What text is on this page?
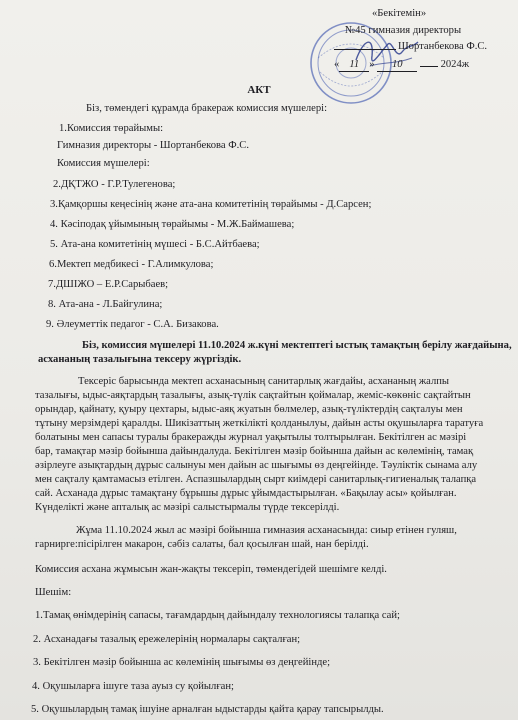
«Бекітемін»
№45 гимназия директоры
Шортанбекова Ф.С.
« 11 » 10	2024ж
АКТ
Біз, төмендегі құрамда бракераж комиссия мүшелері:
1.Комиссия төрайымы:
Гимназия директоры - Шортанбекова Ф.С.
Комиссия мүшелері:
2.ДҚТЖО - Г.Р.Тулегенова;
3.Қамқоршы кеңесінің және ата-ана комитетінің төрайымы - Д.Сарсен;
4. Кәсіподақ ұйымының төрайымы - М.Ж.Баймашева;
5. Ата-ана комитетінің мүшесі - Б.С.Айтбаева;
6.Мектеп медбикесі - Г.Алимкулова;
7.ДШІЖО – Е.Р.Сарыбаев;
8. Ата-ана - Л.Байгулина;
9. Әлеуметтік педагог - С.А. Бизакова.
Біз, комиссия мүшелері 11.10.2024 ж.күні мектептегі ыстық тамақтың берілу жағдайына,
асхананың тазалығына тексеру жүргіздік.
Тексеріс барысында мектеп асханасының санитарлық жағдайы, асхананың жалпы
тазалығы, ыдыс-аяқтардың тазалығы, азық-түлік сақтайтын қоймалар, жеміс-көкөніс сақтайтын
орындар, қайнату, қуыру цехтары, ыдыс-аяқ жуатын бөлмелер, азық-түліктердің сақталуы мен
тұтыну мерзімдері қаралды. Шикізаттың жеткілікті қолданылуы, дайын асты оқушыларға таратуға
болатыны мен сапасы туралы бракеражды журнал уақытылы толтырылған. Бекітілген ас мәзірі
бар, тамақтар мәзір бойынша дайындалуда. Бекітілген мәзір бойынша дайын ас көлемінің, тамақ
әзірлеуге азықтардың дұрыс салынуы мен дайын ас шығымы өз деңгейінде. Тәуліктік сынама алу
мен сақталу қамтамасыз етілген. Аспазшылардың сырт киімдері санитарлық-гигиеналық талапқа
сай. Асханада дұрыс тамақтану бұрышы дұрыс ұйымдастырылған. «Бақылау асы» қойылған.
Күнделікті және апталық ас мәзірі салыстырмалы түрде тексерілді.
Жұма 11.10.2024 жыл ас мәзірі бойынша гимназия асханасында: сиыр етінен гуляш,
гарнирге:пісірілген макарон, сәбіз салаты, бал қосылған шай, нан берілді.
Комиссия асхана жұмысын жан-жақты тексеріп, төмендегідей шешімге келді.
Шешім:
1.Тамақ өнімдерінің сапасы, тағамдардың дайындалу технологиясы талапқа сай;
2. Асханадағы тазалық ережелерінің нормалары сақталған;
3. Бекітілген мәзір бойынша ас көлемінің шығымы өз деңгейінде;
4. Оқушыларға ішуге таза ауыз су қойылған;
5. Оқушылардың тамақ ішуіне арналған ыдыстарды қайта қарау тапсырылды.
